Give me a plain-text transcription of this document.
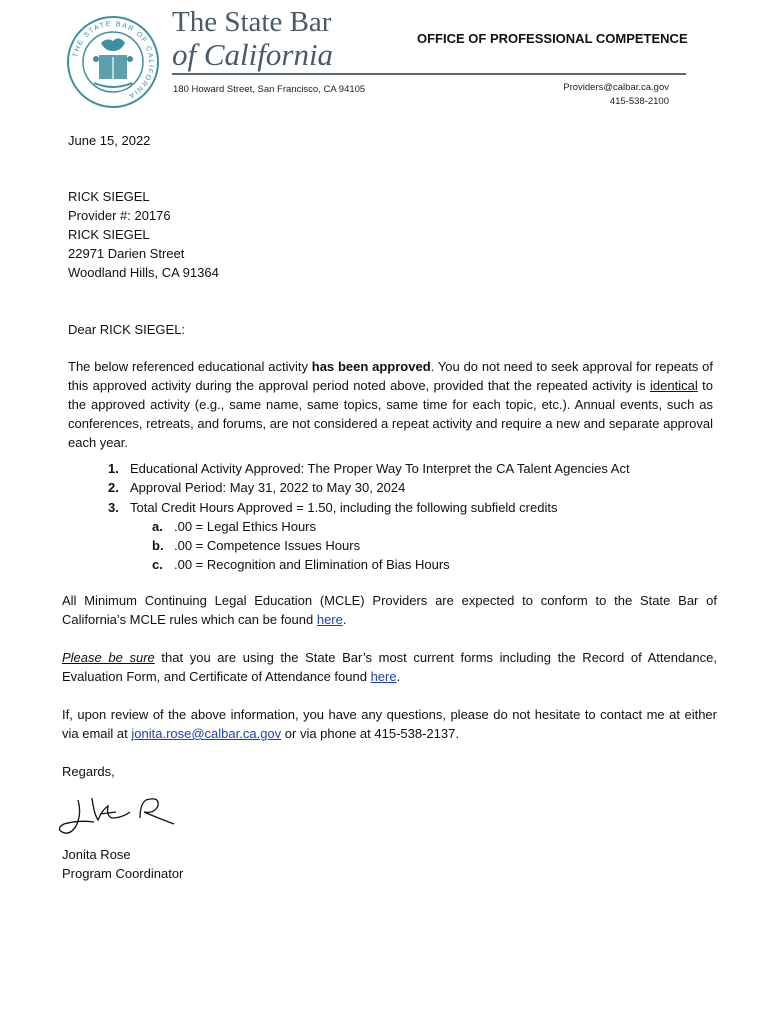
THE STATE BAR OF CALIFORNIA
The State Bar
of California	OFFICE OF PROFESSIONAL COMPETENCE
180 Howard Street, San Francisco, CA 94105	Providers@calbar.ca.gov
415-538-2100
June 15, 2022
RICK SIEGEL
Provider #: 20176
RICK SIEGEL
22971 Darien Street
Woodland Hills, CA 91364
Dear RICK SIEGEL:
The below referenced educational activity has been approved. You do not need to seek approval for repeats of this approved activity during the approval period noted above, provided that the repeated activity is identical to the approved activity (e.g., same name, same topics, same time for each topic, etc.). Annual events, such as conferences, retreats, and forums, are not considered a repeat activity and require a new and separate approval each year.
1. Educational Activity Approved: The Proper Way To Interpret the CA Talent Agencies Act
2. Approval Period: May 31, 2022 to May 30, 2024
3. Total Credit Hours Approved = 1.50, including the following subfield credits
a. .00 = Legal Ethics Hours
b. .00 = Competence Issues Hours
c. .00 = Recognition and Elimination of Bias Hours
All Minimum Continuing Legal Education (MCLE) Providers are expected to conform to the State Bar of California’s MCLE rules which can be found here.
Please be sure that you are using the State Bar’s most current forms including the Record of Attendance, Evaluation Form, and Certificate of Attendance found here.
If, upon review of the above information, you have any questions, please do not hesitate to contact me at either via email at jonita.rose@calbar.ca.gov or via phone at 415-538-2137.
Regards,
Jonita Rose
Program Coordinator
